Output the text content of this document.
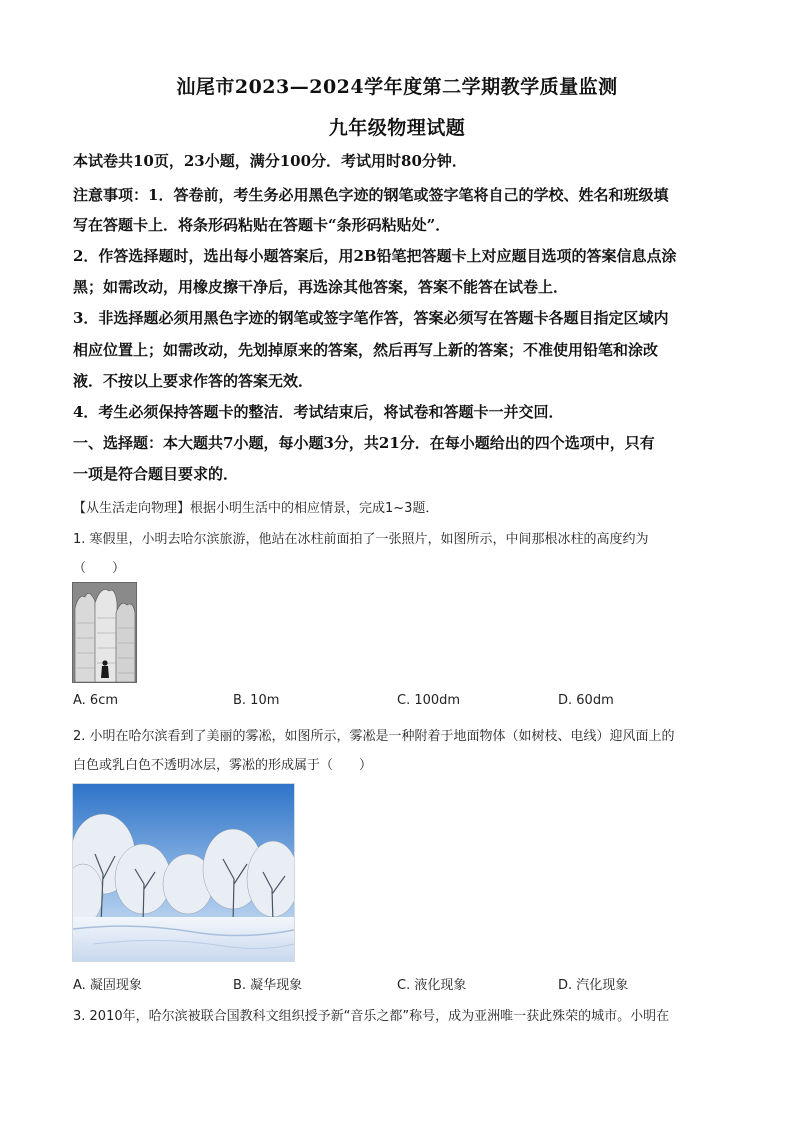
汕尾市2023—2024学年度第二学期教学质量监测
九年级物理试题
本试卷共10页，23小题，满分100分．考试用时80分钟．
注意事项：1．答卷前，考生务必用黑色字迹的钢笔或签字笔将自己的学校、姓名和班级填
写在答题卡上．将条形码粘贴在答题卡“条形码粘贴处”．
2．作答选择题时，选出每小题答案后，用2B铅笔把答题卡上对应题目选项的答案信息点涂
黑；如需改动，用橡皮擦干净后，再选涂其他答案，答案不能答在试卷上．
3．非选择题必须用黑色字迹的钢笔或签字笔作答，答案必须写在答题卡各题目指定区域内
相应位置上；如需改动，先划掉原来的答案，然后再写上新的答案；不准使用铅笔和涂改
液．不按以上要求作答的答案无效．
4．考生必须保持答题卡的整洁．考试结束后，将试卷和答题卡一并交回．
一、选择题：本大题共7小题，每小题3分，共21分．在每小题给出的四个选项中，只有
一项是符合题目要求的．
【从生活走向物理】根据小明生活中的相应情景，完成1~3题．
1. 寒假里，小明去哈尔滨旅游，他站在冰柱前面拍了一张照片，如图所示，中间那根冰柱的高度约为
（　　）
A. 6cm	B. 10m	C. 100dm	D. 60dm
2. 小明在哈尔滨看到了美丽的雾凇，如图所示，雾凇是一种附着于地面物体（如树枝、电线）迎风面上的
白色或乳白色不透明冰层，雾凇的形成属于（　　）
A. 凝固现象	B. 凝华现象	C. 液化现象	D. 汽化现象
3. 2010年，哈尔滨被联合国教科文组织授予新“音乐之都”称号，成为亚洲唯一获此殊荣的城市。小明在
